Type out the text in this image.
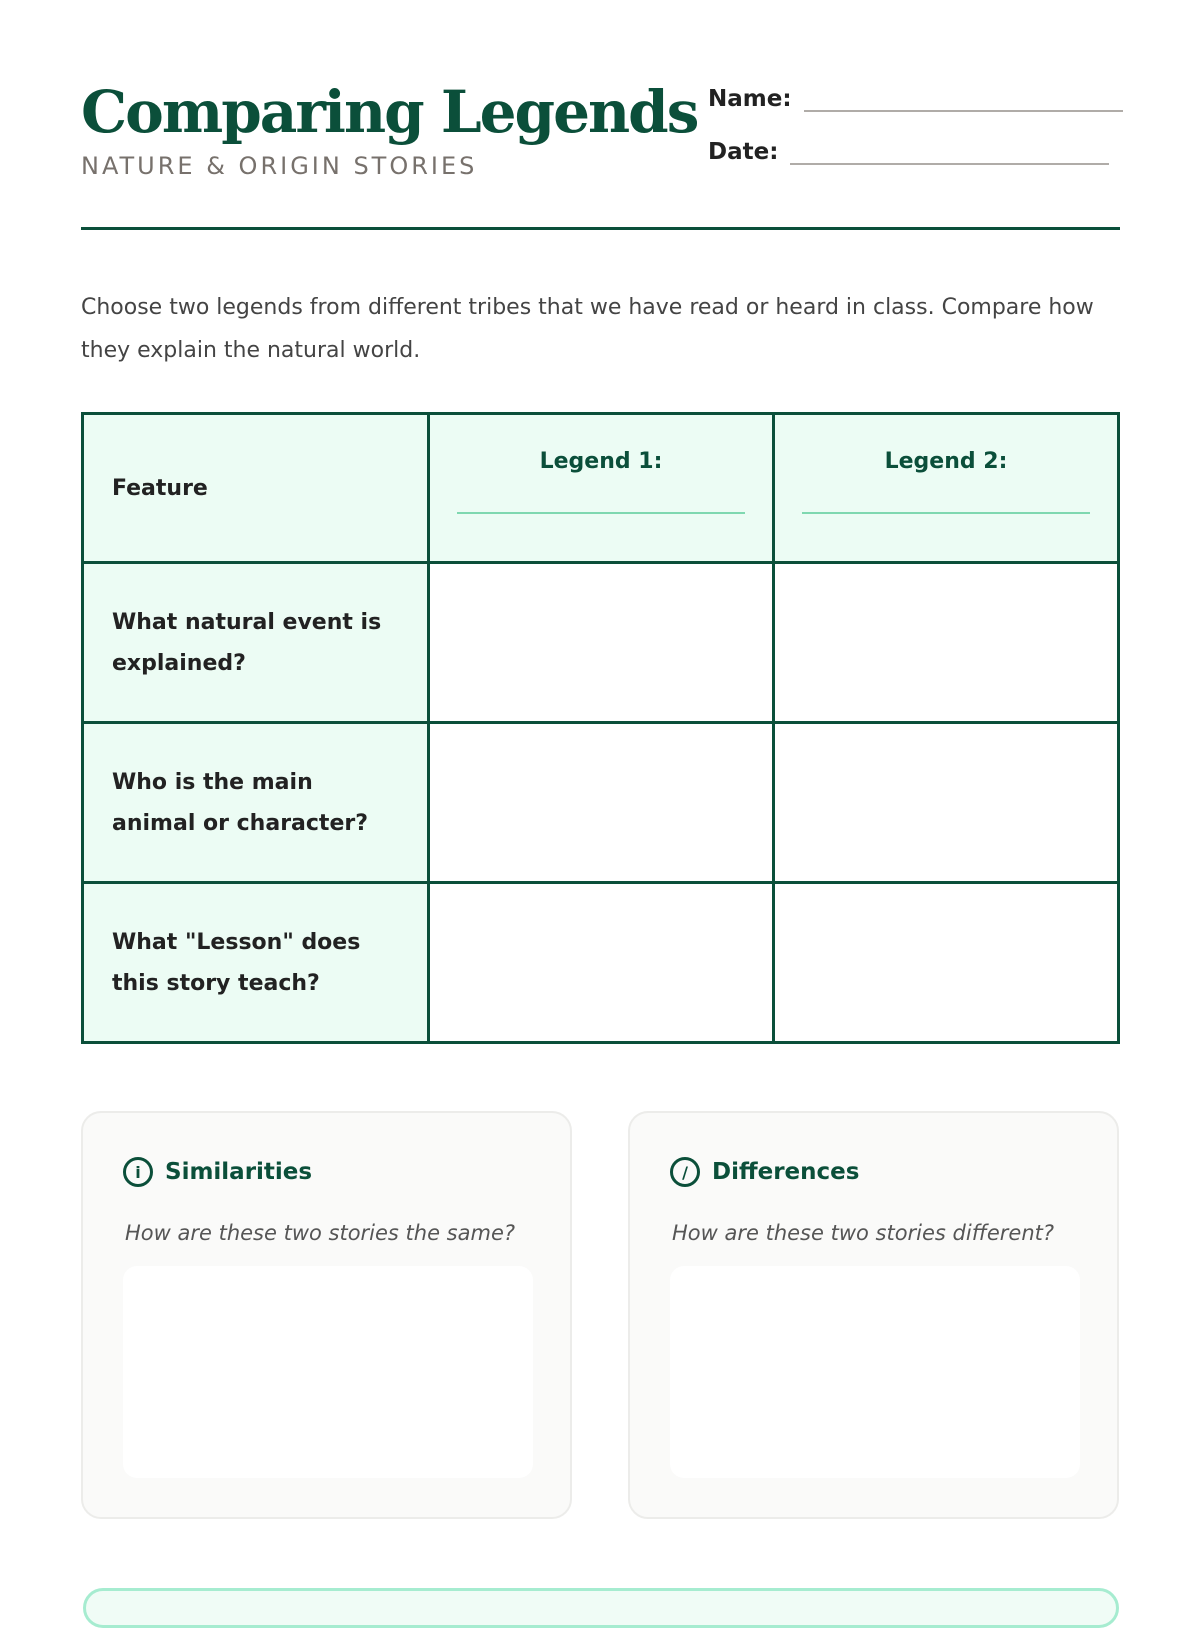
Comparing Legends
NATURE & ORIGIN STORIES
Name:
Date:
Choose two legends from different tribes that we have read or heard in class. Compare how they explain the natural world.
Feature	Legend 1:	Legend 2:

What natural event is explained?		
Who is the main animal or character?		
What "Lesson" does this story teach?		
i	Similarities

How are these two stories the same?

/	Differences

How are these two stories different?
